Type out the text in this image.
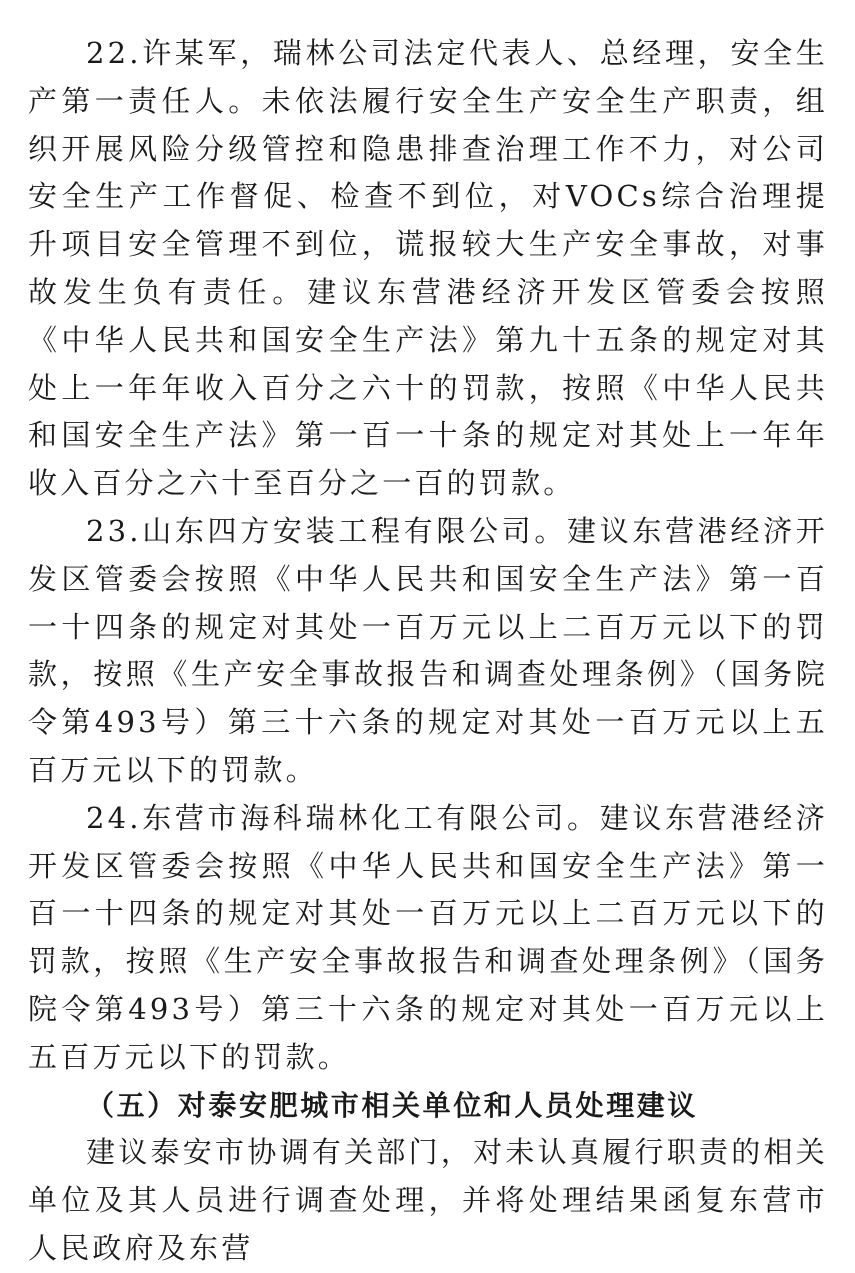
22.许某军，瑞林公司法定代表人、总经理，安全生产第一责任人。未依法履行安全生产安全生产职责，组织开展风险分级管控和隐患排查治理工作不力，对公司安全生产工作督促、检查不到位，对VOCs综合治理提升项目安全管理不到位，谎报较大生产安全事故，对事故发生负有责任。建议东营港经济开发区管委会按照《中华人民共和国安全生产法》第九十五条的规定对其处上一年年收入百分之六十的罚款，按照《中华人民共和国安全生产法》第一百一十条的规定对其处上一年年收入百分之六十至百分之一百的罚款。

23.山东四方安装工程有限公司。建议东营港经济开发区管委会按照《中华人民共和国安全生产法》第一百一十四条的规定对其处一百万元以上二百万元以下的罚款，按照《生产安全事故报告和调查处理条例》（国务院令第493号）第三十六条的规定对其处一百万元以上五百万元以下的罚款。

24.东营市海科瑞林化工有限公司。建议东营港经济开发区管委会按照《中华人民共和国安全生产法》第一百一十四条的规定对其处一百万元以上二百万元以下的罚款，按照《生产安全事故报告和调查处理条例》（国务院令第493号）第三十六条的规定对其处一百万元以上五百万元以下的罚款。

（五）对泰安肥城市相关单位和人员处理建议

建议泰安市协调有关部门，对未认真履行职责的相关单位及其人员进行调查处理，并将处理结果函复东营市人民政府及东营
